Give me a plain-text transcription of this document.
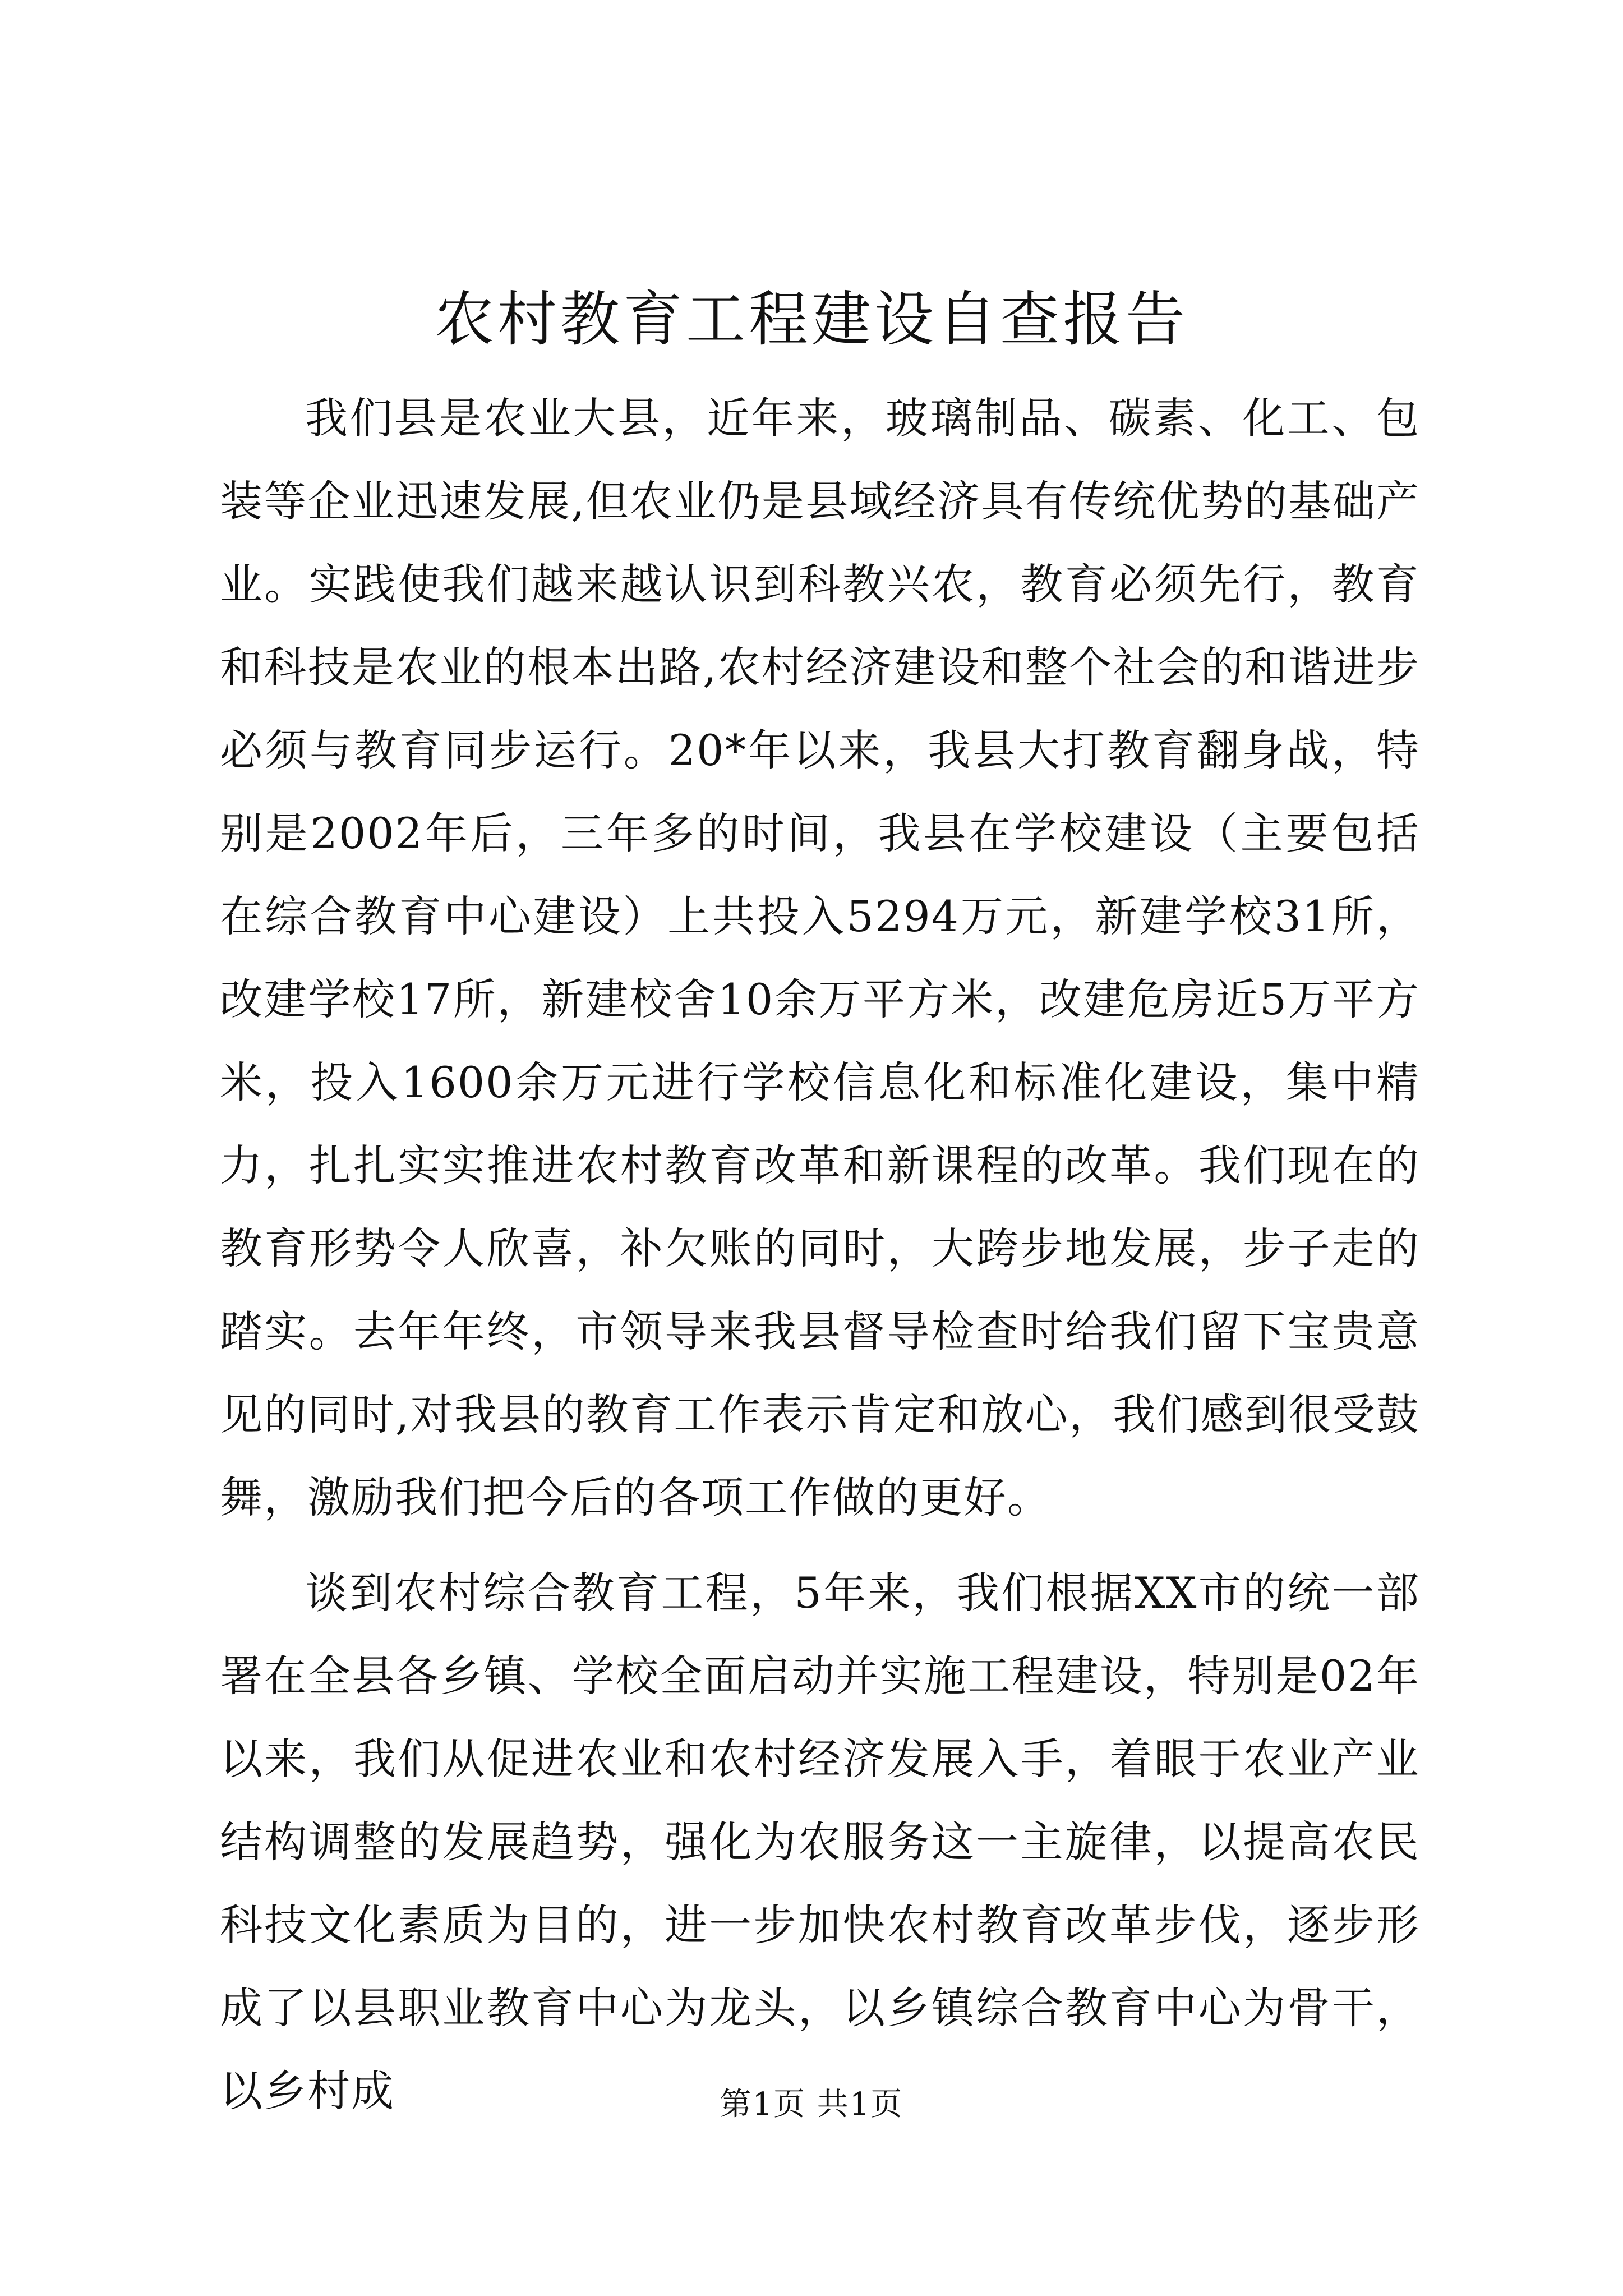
农村教育工程建设自查报告

我们县是农业大县，近年来，玻璃制品、碳素、化工、包装等企业迅速发展,但农业仍是县域经济具有传统优势的基础产业。实践使我们越来越认识到科教兴农，教育必须先行，教育和科技是农业的根本出路,农村经济建设和整个社会的和谐进步必须与教育同步运行。20*年以来，我县大打教育翻身战，特别是2002年后，三年多的时间，我县在学校建设（主要包括在综合教育中心建设）上共投入5294万元，新建学校31所，改建学校17所，新建校舍10余万平方米，改建危房近5万平方米，投入1600余万元进行学校信息化和标准化建设，集中精力，扎扎实实推进农村教育改革和新课程的改革。我们现在的教育形势令人欣喜，补欠账的同时，大跨步地发展，步子走的踏实。去年年终，市领导来我县督导检查时给我们留下宝贵意见的同时,对我县的教育工作表示肯定和放心，我们感到很受鼓舞，激励我们把今后的各项工作做的更好。

谈到农村综合教育工程，5年来，我们根据XX市的统一部署在全县各乡镇、学校全面启动并实施工程建设，特别是02年以来，我们从促进农业和农村经济发展入手，着眼于农业产业结构调整的发展趋势，强化为农服务这一主旋律，以提高农民科技文化素质为目的，进一步加快农村教育改革步伐，逐步形成了以县职业教育中心为龙头，以乡镇综合教育中心为骨干，以乡村成	第1页 共1页
